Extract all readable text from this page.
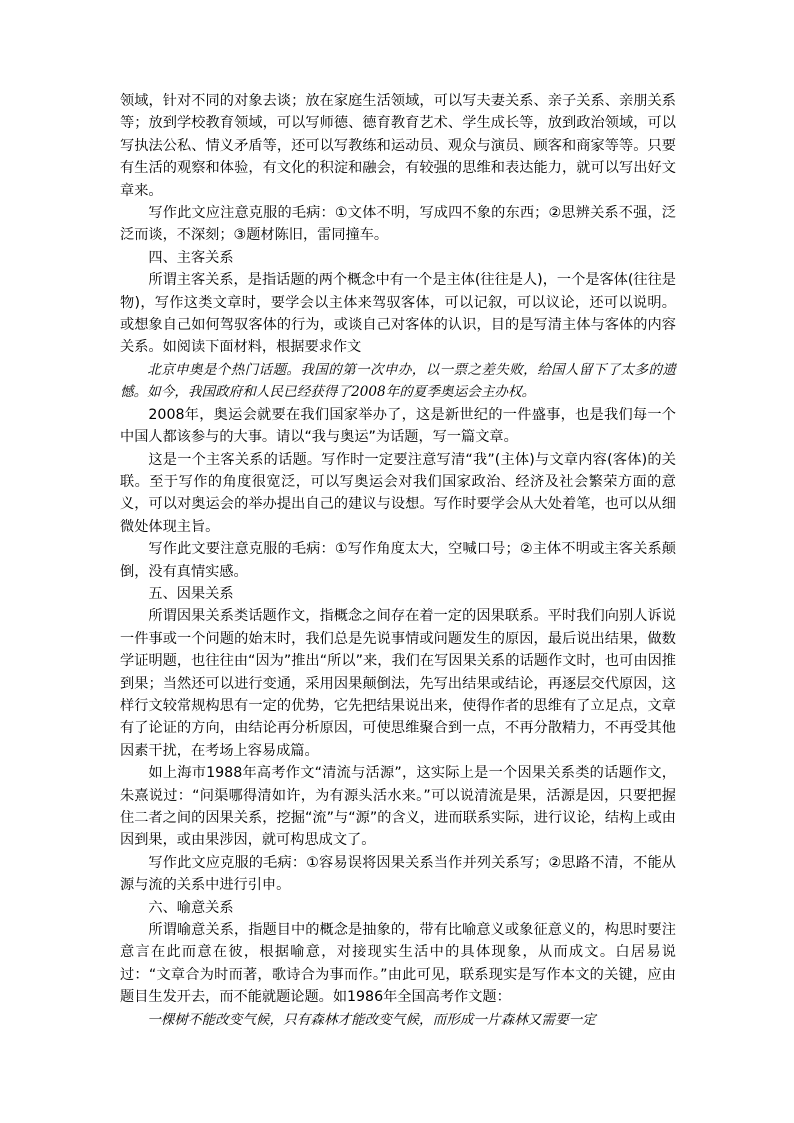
领域，针对不同的对象去谈；放在家庭生活领域，可以写夫妻关系、亲子关系、亲朋关系等；放到学校教育领域，可以写师德、德育教育艺术、学生成长等，放到政治领域，可以写执法公私、情义矛盾等，还可以写教练和运动员、观众与演员、顾客和商家等等。只要有生活的观察和体验，有文化的积淀和融会，有较强的思维和表达能力，就可以写出好文章来。

写作此文应注意克服的毛病：①文体不明，写成四不象的东西；②思辨关系不强，泛泛而谈，不深刻；③题材陈旧，雷同撞车。

四、主客关系

所谓主客关系，是指话题的两个概念中有一个是主体(往往是人)，一个是客体(往往是物)，写作这类文章时，要学会以主体来驾驭客体，可以记叙，可以议论，还可以说明。或想象自己如何驾驭客体的行为，或谈自己对客体的认识，目的是写清主体与客体的内容关系。如阅读下面材料，根据要求作文

北京申奥是个热门话题。我国的第一次申办，以一票之差失败，给国人留下了太多的遗憾。如今，我国政府和人民已经获得了2008年的夏季奥运会主办权。

2008年，奥运会就要在我们国家举办了，这是新世纪的一件盛事，也是我们每一个中国人都该参与的大事。请以“我与奥运”为话题，写一篇文章。

这是一个主客关系的话题。写作时一定要注意写清“我”(主体)与文章内容(客体)的关联。至于写作的角度很宽泛，可以写奥运会对我们国家政治、经济及社会繁荣方面的意义，可以对奥运会的举办提出自己的建议与设想。写作时要学会从大处着笔，也可以从细微处体现主旨。

写作此文要注意克服的毛病：①写作角度太大，空喊口号；②主体不明或主客关系颠倒，没有真情实感。

五、因果关系

所谓因果关系类话题作文，指概念之间存在着一定的因果联系。平时我们向别人诉说一件事或一个问题的始末时，我们总是先说事情或问题发生的原因，最后说出结果，做数学证明题，也往往由“因为”推出“所以”来，我们在写因果关系的话题作文时，也可由因推到果；当然还可以进行变通，采用因果颠倒法，先写出结果或结论，再逐层交代原因，这样行文较常规构思有一定的优势，它先把结果说出来，使得作者的思维有了立足点，文章有了论证的方向，由结论再分析原因，可使思维聚合到一点，不再分散精力，不再受其他因素干扰，在考场上容易成篇。

如上海市1988年高考作文“清流与活源”，这实际上是一个因果关系类的话题作文，朱熹说过：“问渠哪得清如许，为有源头活水来。”可以说清流是果，活源是因，只要把握住二者之间的因果关系，挖掘“流”与“源”的含义，进而联系实际，进行议论，结构上或由因到果，或由果涉因，就可构思成文了。

写作此文应克服的毛病：①容易误将因果关系当作并列关系写；②思路不清，不能从源与流的关系中进行引申。

六、喻意关系

所谓喻意关系，指题目中的概念是抽象的，带有比喻意义或象征意义的，构思时要注意言在此而意在彼，根据喻意，对接现实生活中的具体现象，从而成文。白居易说过：“文章合为时而著，歌诗合为事而作。”由此可见，联系现实是写作本文的关键，应由题目生发开去，而不能就题论题。如1986年全国高考作文题：

一棵树不能改变气候，只有森林才能改变气候，而形成一片森林又需要一定
